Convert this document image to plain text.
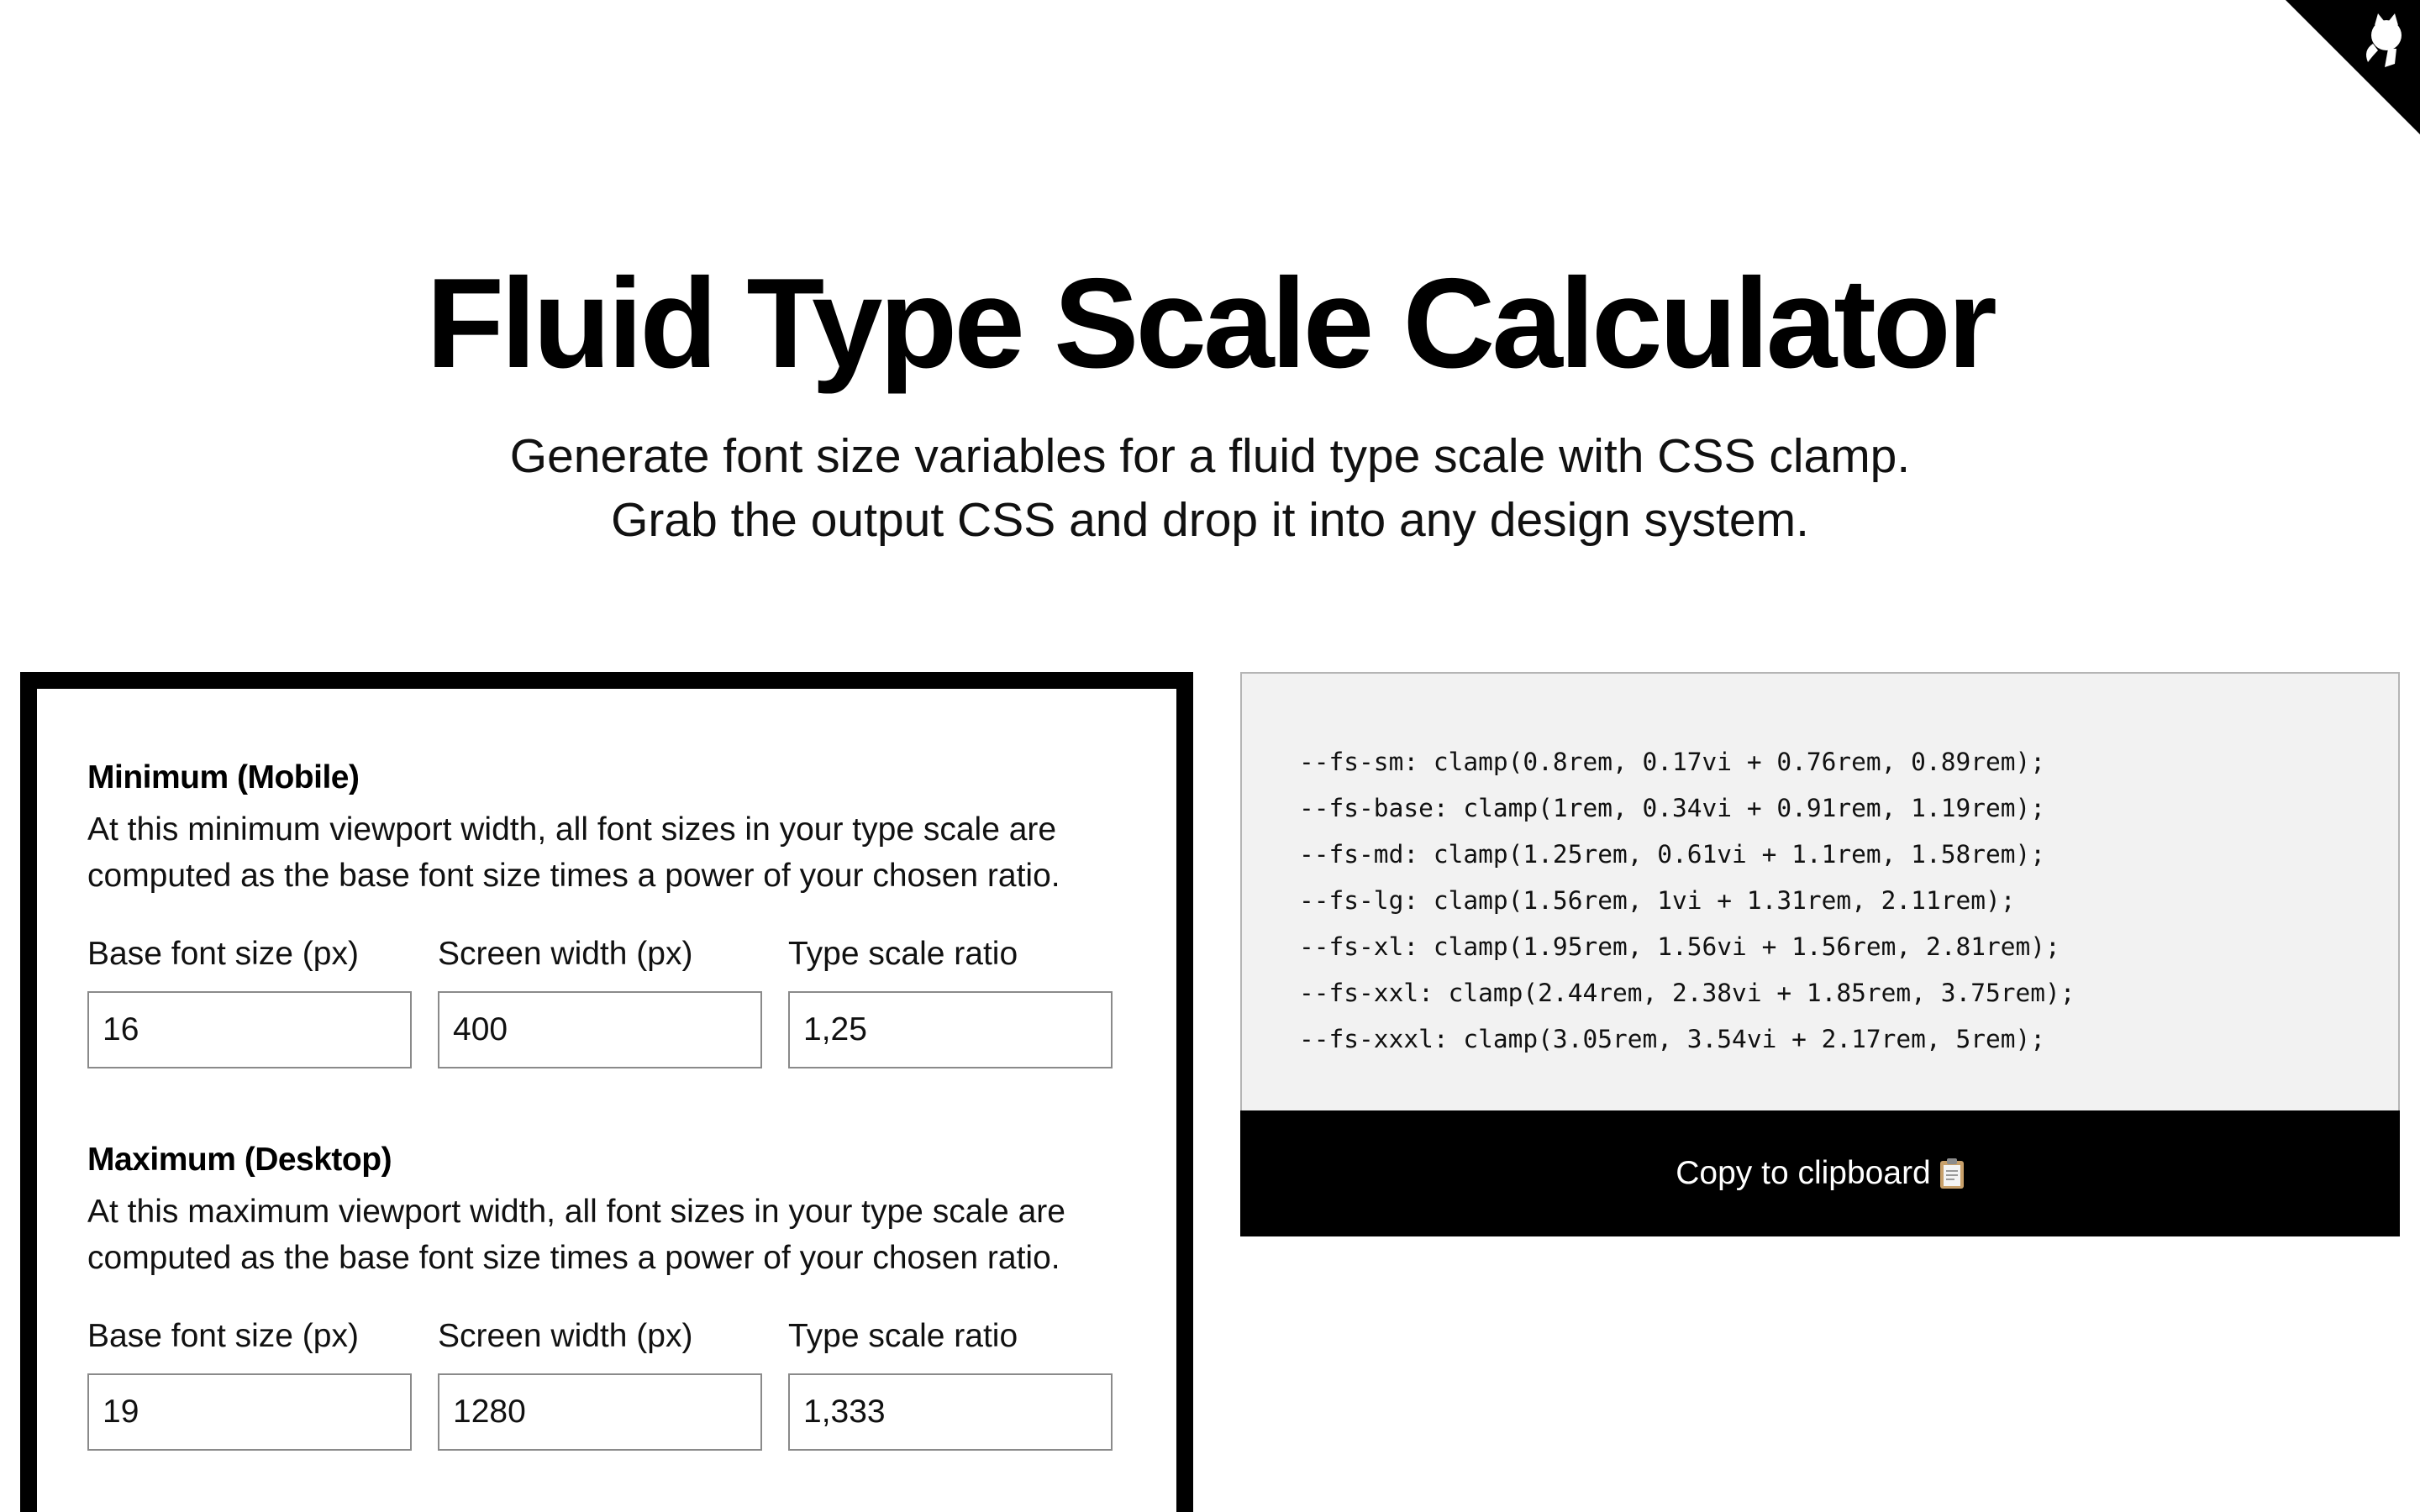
Fluid Type Scale Calculator

Generate font size variables for a fluid type scale with CSS clamp. Grab the output CSS and drop it into any design system.

Minimum (Mobile)

At this minimum viewport width, all font sizes in your type scale are computed as the base font size times a power of your chosen ratio.

Base font size (px)
16	Screen width (px)
400	Type scale ratio
1,25
Maximum (Desktop)

At this maximum viewport width, all font sizes in your type scale are computed as the base font size times a power of your chosen ratio.

Base font size (px)
19	Screen width (px)
1280	Type scale ratio
1,333
--fs-sm: clamp(0.8rem, 0.17vi + 0.76rem, 0.89rem);
--fs-base: clamp(1rem, 0.34vi + 0.91rem, 1.19rem);
--fs-md: clamp(1.25rem, 0.61vi + 1.1rem, 1.58rem);
--fs-lg: clamp(1.56rem, 1vi + 1.31rem, 2.11rem);
--fs-xl: clamp(1.95rem, 1.56vi + 1.56rem, 2.81rem);
--fs-xxl: clamp(2.44rem, 2.38vi + 1.85rem, 3.75rem);
--fs-xxxl: clamp(3.05rem, 3.54vi + 2.17rem, 5rem);
Copy to clipboard
